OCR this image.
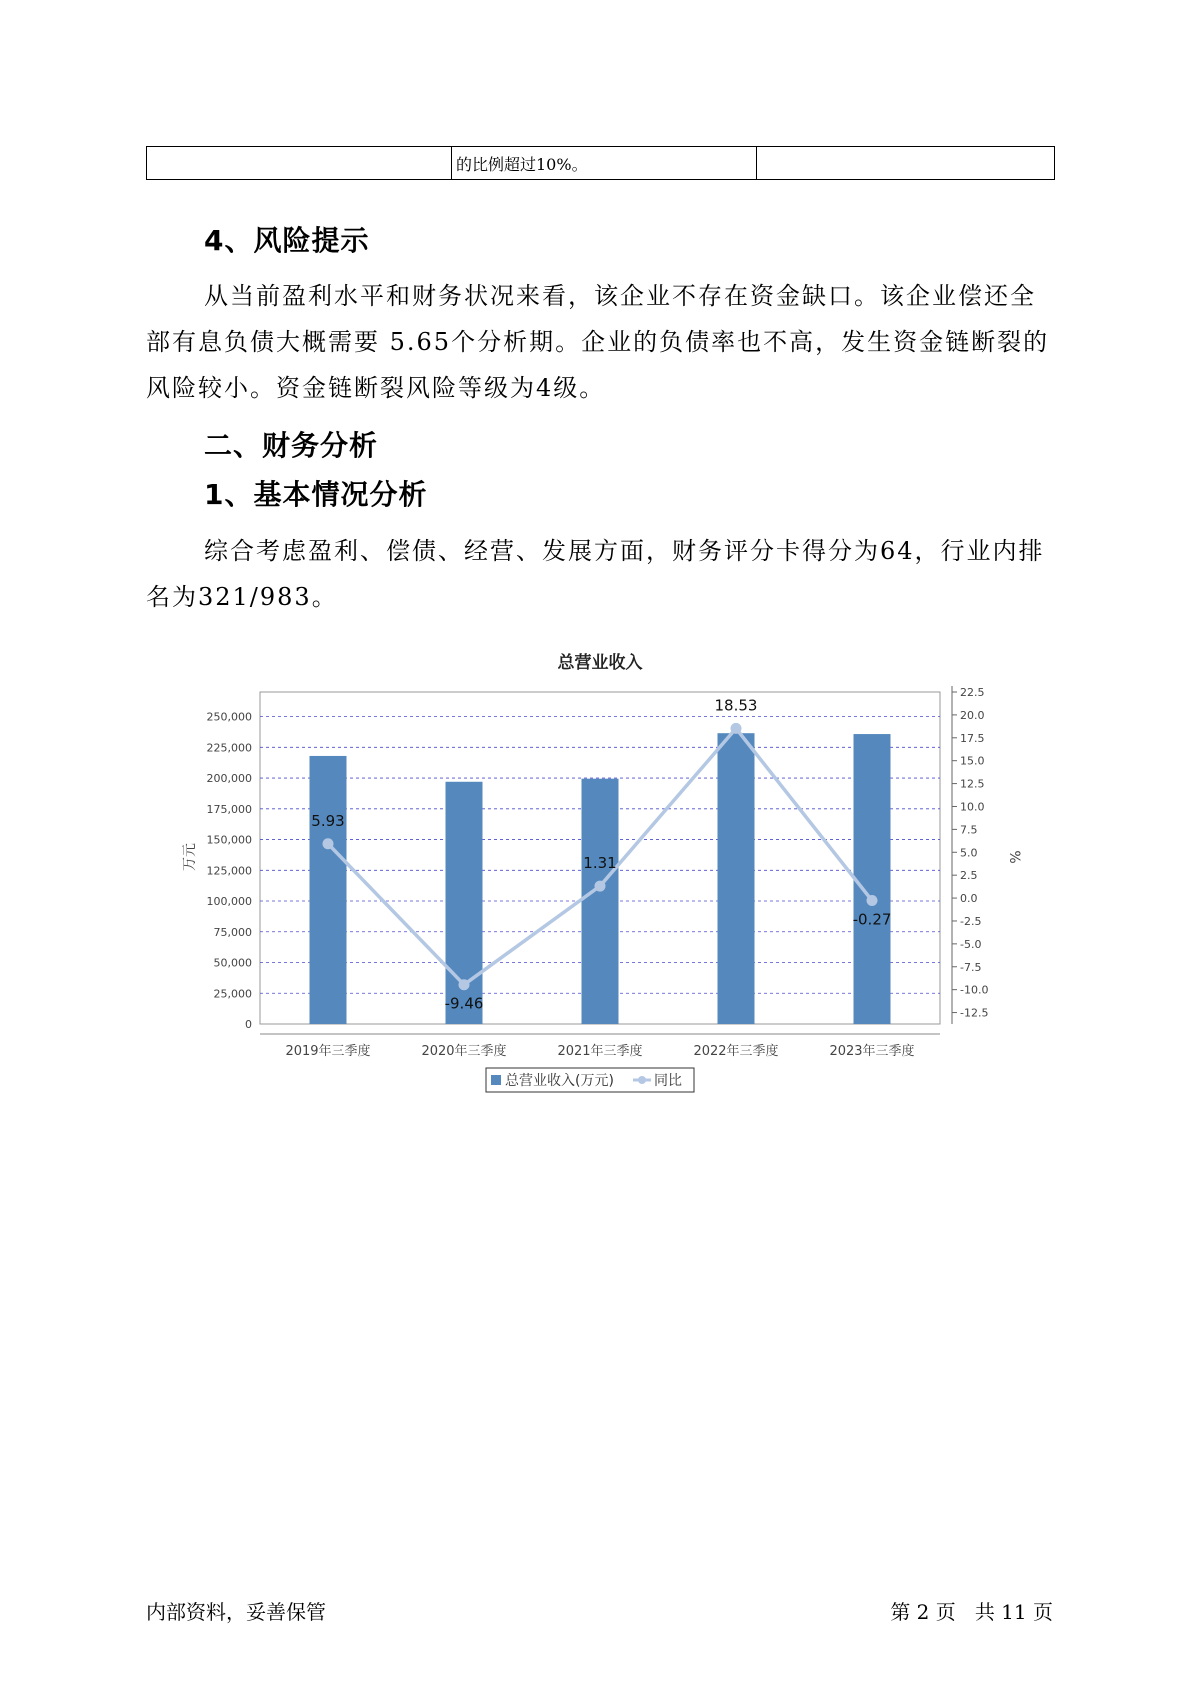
	的比例超过10%。	
4、风险提示

从当前盈利水平和财务状况来看，该企业不存在资金缺口。该企业偿还全部有息负债大概需要 5.65个分析期。企业的负债率也不高，发生资金链断裂的风险较小。资金链断裂风险等级为4级。

二、财务分析
1、基本情况分析

综合考虑盈利、偿债、经营、发展方面，财务评分卡得分为64，行业内排名为321/983。

总营业收入
5.93
-9.46
1.31
18.53
-0.27
0
25,000
50,000
75,000
100,000
125,000
150,000
175,000
200,000
225,000
250,000
-12.5
-10.0
-7.5
-5.0
-2.5
0.0
2.5
5.0
7.5
10.0
12.5
15.0
17.5
20.0
22.5
2019年三季度	2020年三季度	2021年三季度	2022年三季度	2023年三季度
万元	%
总营业收入(万元)	同比
内部资料，妥善保管	第 2 页   共 11 页
